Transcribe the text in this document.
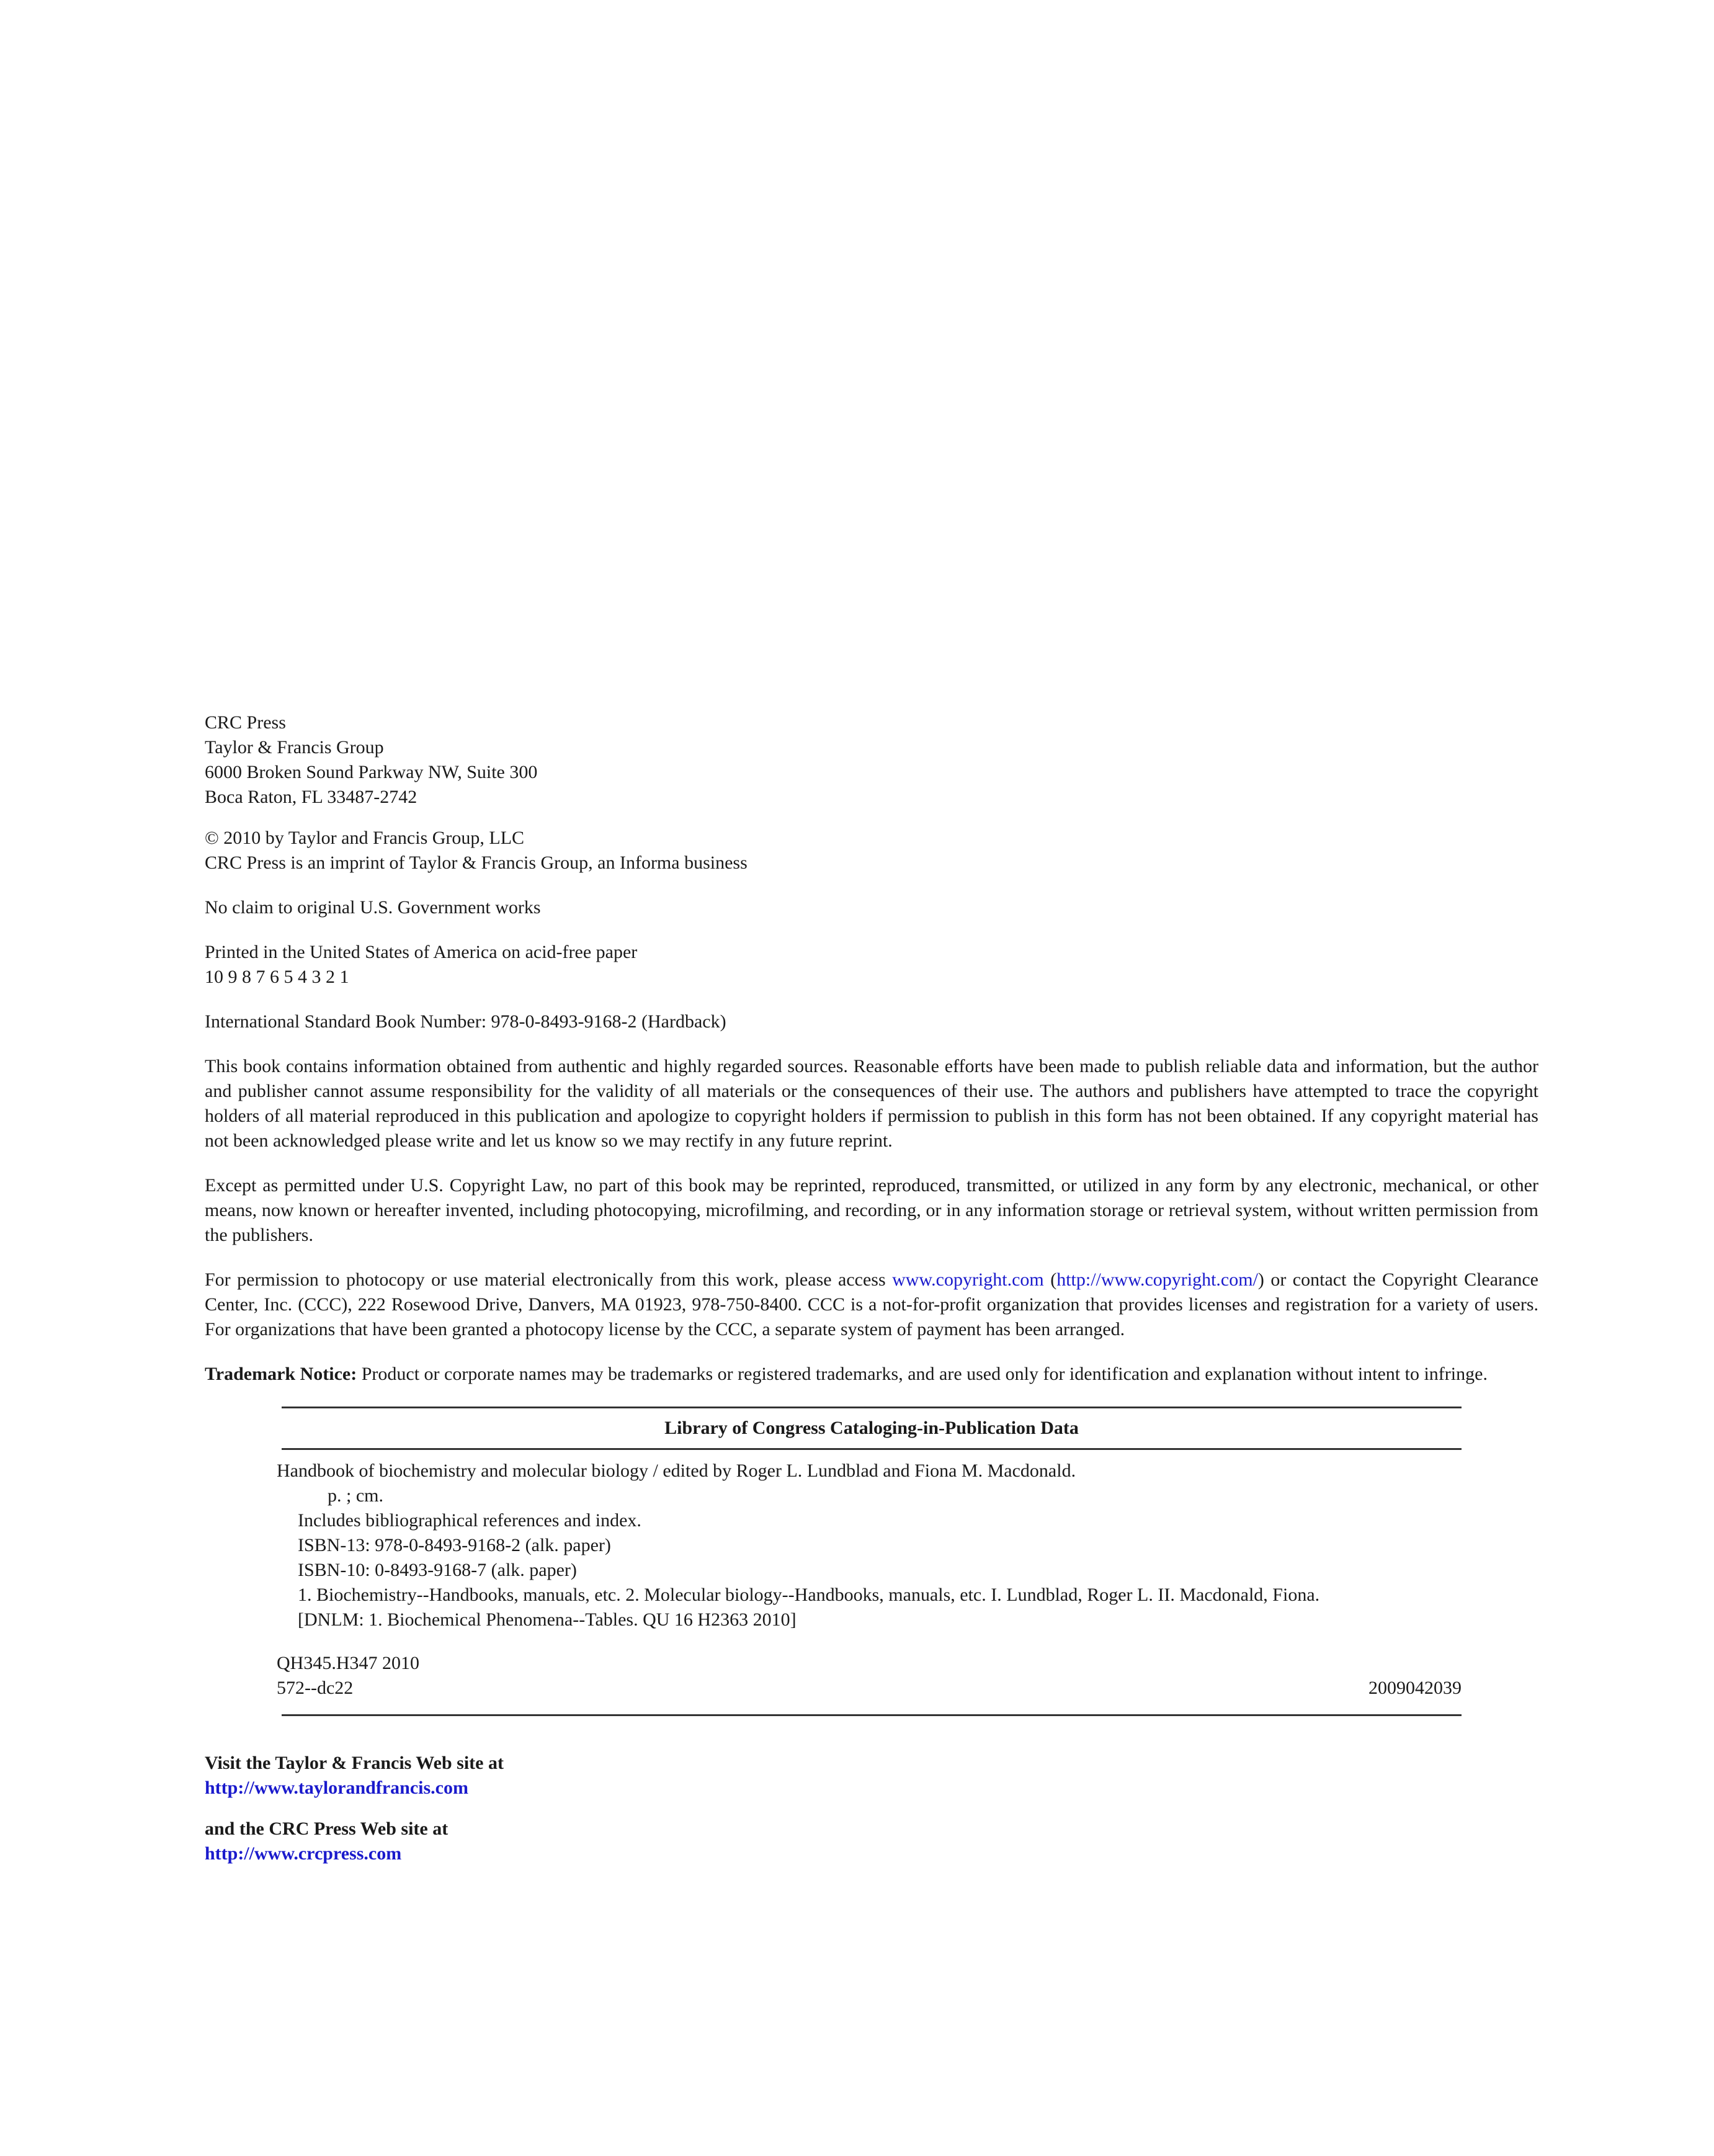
CRC Press
Taylor & Francis Group
6000 Broken Sound Parkway NW, Suite 300
Boca Raton, FL 33487-2742
© 2010 by Taylor and Francis Group, LLC
CRC Press is an imprint of Taylor & Francis Group, an Informa business
No claim to original U.S. Government works
Printed in the United States of America on acid-free paper
10 9 8 7 6 5 4 3 2 1
International Standard Book Number: 978-0-8493-9168-2 (Hardback)
This book contains information obtained from authentic and highly regarded sources. Reasonable efforts have been made to publish reliable data and information, but the author and publisher cannot assume responsibility for the validity of all materials or the consequences of their use. The authors and publishers have attempted to trace the copyright holders of all material reproduced in this publication and apologize to copyright holders if permission to publish in this form has not been obtained. If any copyright material has not been acknowledged please write and let us know so we may rectify in any future reprint.
Except as permitted under U.S. Copyright Law, no part of this book may be reprinted, reproduced, transmitted, or utilized in any form by any electronic, mechanical, or other means, now known or hereafter invented, including photocopying, microfilming, and recording, or in any information storage or retrieval system, without written permission from the publishers.
For permission to photocopy or use material electronically from this work, please access www.copyright.com (http://www.copyright.com/) or contact the Copyright Clearance Center, Inc. (CCC), 222 Rosewood Drive, Danvers, MA 01923, 978-750-8400. CCC is a not-for-profit organization that provides licenses and registration for a variety of users. For organizations that have been granted a photocopy license by the CCC, a separate system of payment has been arranged.
Trademark Notice: Product or corporate names may be trademarks or registered trademarks, and are used only for identification and explanation without intent to infringe.
Library of Congress Cataloging-in-Publication Data
Handbook of biochemistry and molecular biology / edited by Roger L. Lundblad and Fiona M. Macdonald.
p. ; cm.
Includes bibliographical references and index.
ISBN-13: 978-0-8493-9168-2 (alk. paper)
ISBN-10: 0-8493-9168-7 (alk. paper)
1. Biochemistry--Handbooks, manuals, etc. 2. Molecular biology--Handbooks, manuals, etc. I. Lundblad, Roger L. II. Macdonald, Fiona.
[DNLM: 1. Biochemical Phenomena--Tables. QU 16 H2363 2010]
QH345.H347 2010
572--dc22	2009042039
Visit the Taylor & Francis Web site at
http://www.taylorandfrancis.com
and the CRC Press Web site at
http://www.crcpress.com
